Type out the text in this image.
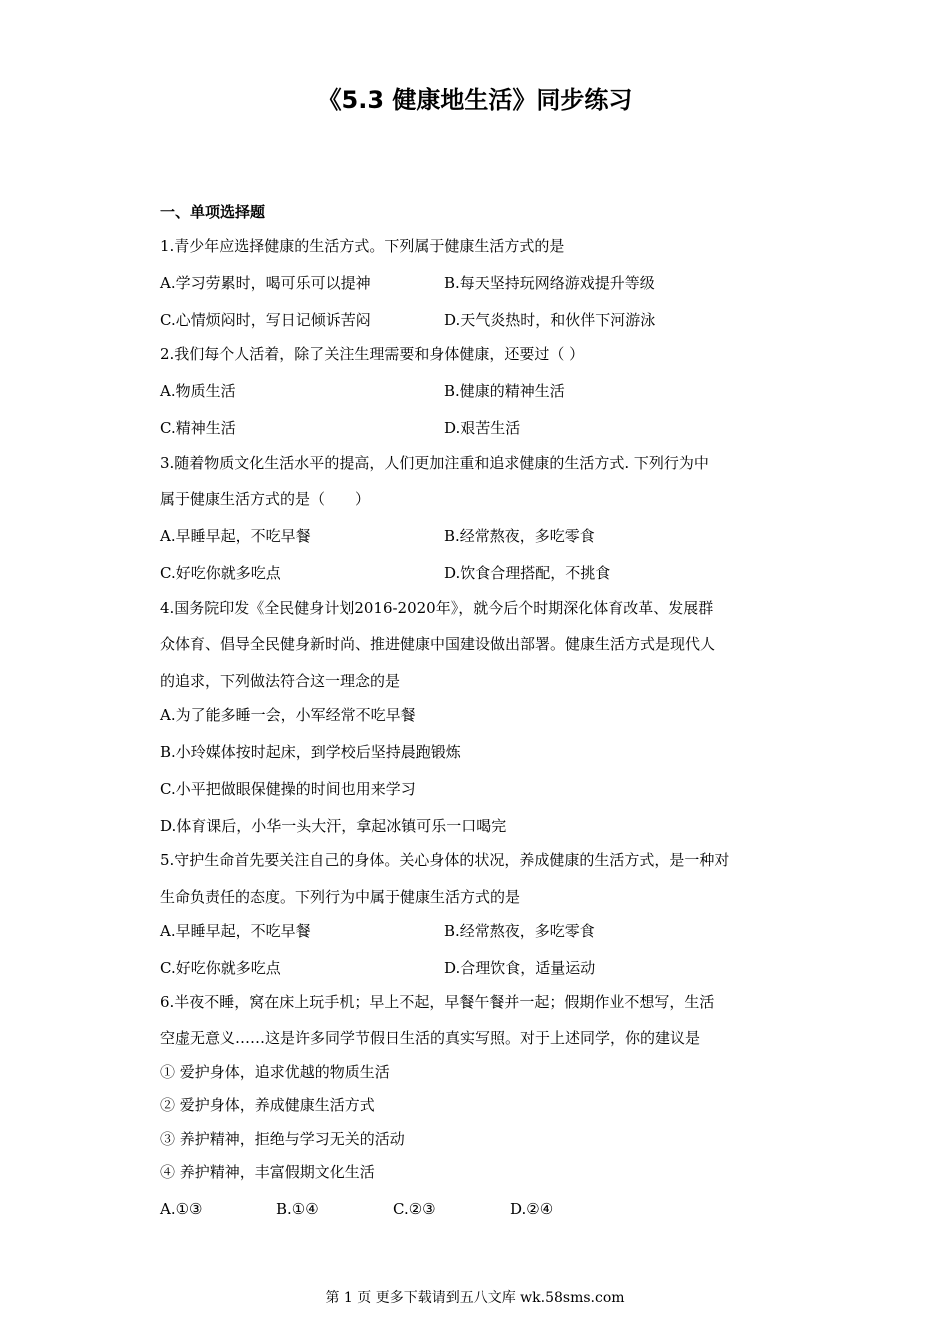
《5.3 健康地生活》同步练习
一、单项选择题
1.青少年应选择健康的生活方式。下列属于健康生活方式的是
A.学习劳累时，喝可乐可以提神	B.每天坚持玩网络游戏提升等级
C.心情烦闷时，写日记倾诉苦闷	D.天气炎热时，和伙伴下河游泳
2.我们每个人活着，除了关注生理需要和身体健康，还要过（ ）
A.物质生活	B.健康的精神生活
C.精神生活	D.艰苦生活
3.随着物质文化生活水平的提高，人们更加注重和追求健康的生活方式. 下列行为中
属于健康生活方式的是（　　）
A.早睡早起，不吃早餐	B.经常熬夜，多吃零食
C.好吃你就多吃点	D.饮食合理搭配，不挑食
4.国务院印发《全民健身计划2016-2020年》，就今后个时期深化体育改革、发展群
众体育、倡导全民健身新时尚、推进健康中国建设做出部署。健康生活方式是现代人
的追求，下列做法符合这一理念的是
A.为了能多睡一会，小军经常不吃早餐
B.小玲媒体按时起床，到学校后坚持晨跑锻炼
C.小平把做眼保健操的时间也用来学习
D.体育课后，小华一头大汗，拿起冰镇可乐一口喝完
5.守护生命首先要关注自己的身体。关心身体的状况，养成健康的生活方式，是一种对
生命负责任的态度。下列行为中属于健康生活方式的是
A.早睡早起，不吃早餐	B.经常熬夜，多吃零食
C.好吃你就多吃点	D.合理饮食，适量运动
6.半夜不睡，窝在床上玩手机；早上不起，早餐午餐并一起；假期作业不想写，生活
空虚无意义……这是许多同学节假日生活的真实写照。对于上述同学，你的建议是
① 爱护身体，追求优越的物质生活
② 爱护身体，养成健康生活方式
③ 养护精神，拒绝与学习无关的活动
④ 养护精神，丰富假期文化生活
A.①③	B.①④	C.②③	D.②④
第 1 页 更多下载请到五八文库 wk.58sms.com
